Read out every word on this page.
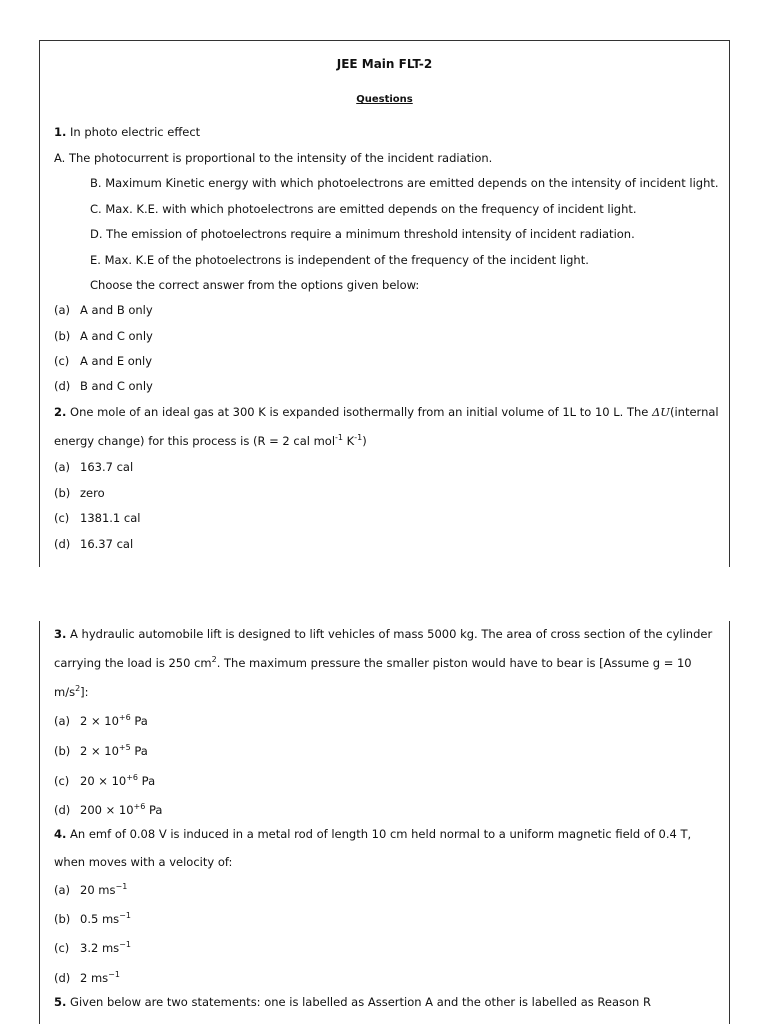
JEE Main FLT-2
Questions
1. In photo electric effect
A. The photocurrent is proportional to the intensity of the incident radiation.
B. Maximum Kinetic energy with which photoelectrons are emitted depends on the intensity of incident light.
C. Max. K.E. with which photoelectrons are emitted depends on the frequency of incident light.
D. The emission of photoelectrons require a minimum threshold intensity of incident radiation.
E. Max. K.E of the photoelectrons is independent of the frequency of the incident light.
Choose the correct answer from the options given below:
(a) A and B only
(b) A and C only
(c) A and E only
(d) B and C only
2. One mole of an ideal gas at 300 K is expanded isothermally from an initial volume of 1L to 10 L. The ΔU(internal
energy change) for this process is (R = 2 cal mol$^{-1}$ $K^{-1}$)
(a) 163.7 cal
(b) zero
(c) 1381.1 cal
(d) 16.37 cal
3. A hydraulic automobile lift is designed to lift vehicles of mass 5000 kg. The area of cross section of the cylinder
carrying the load is 250 $cm^2$. The maximum pressure the smaller piston would have to bear is [Assume g = 10
$m/s^2$]:
(a) $2 \times 10^{+6}$ Pa
(b) $2 \times 10^{+5}$ Pa
(c) $20 \times 10^{+6}$ Pa
(d) $200 \times 10^{+6}$ Pa
4. An emf of 0.08 V is induced in a metal rod of length 10 cm held normal to a uniform magnetic field of 0.4 T,
when moves with a velocity of:
(a) 20 $ms^{-1}$
(b) 0.5 $ms^{-1}$
(c) 3.2 $ms^{-1}$
(d) 2 $ms^{-1}$
5. Given below are two statements: one is labelled as Assertion A and the other is labelled as Reason R
